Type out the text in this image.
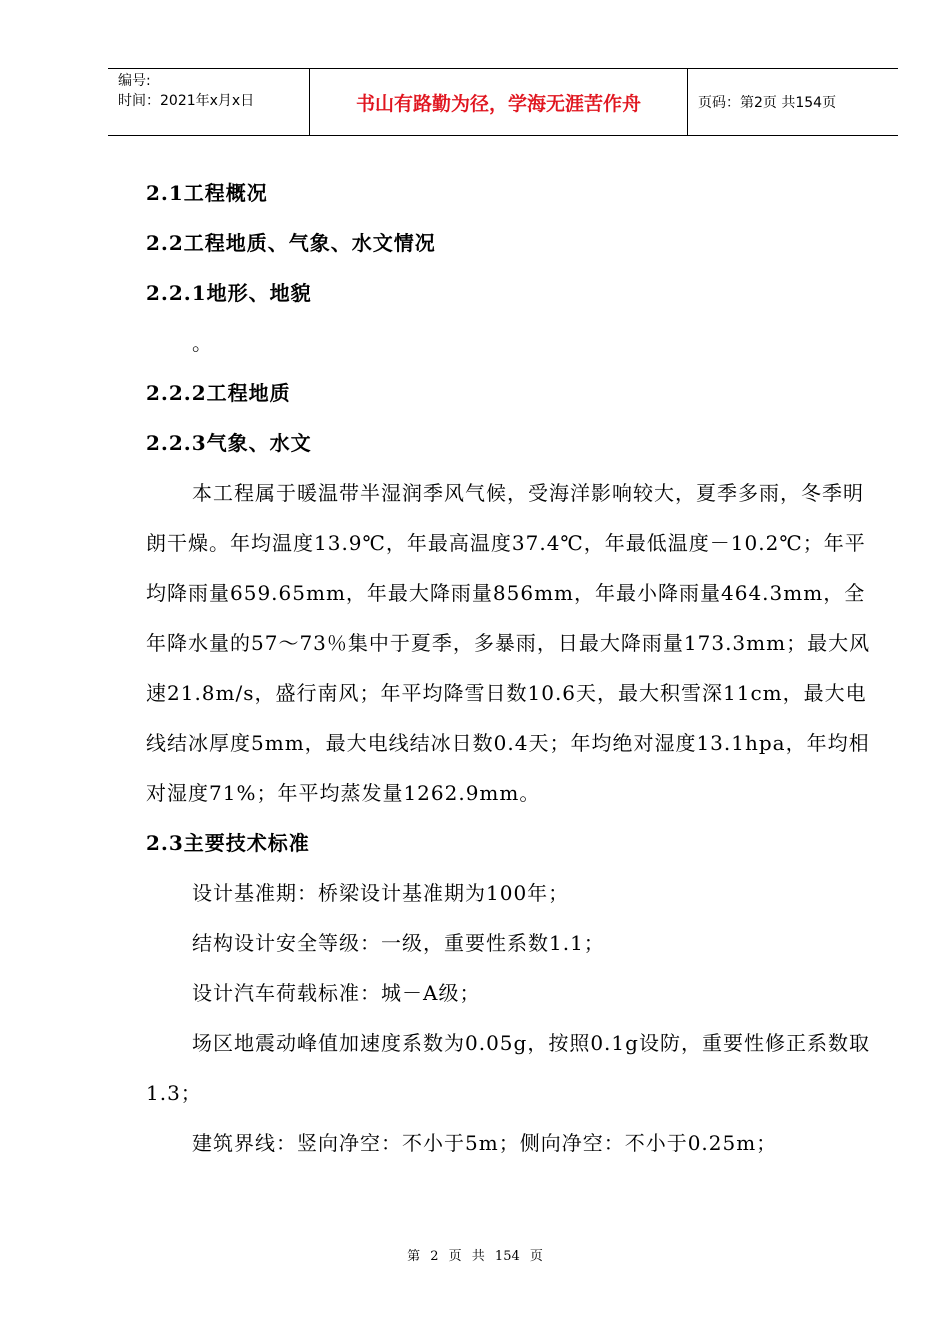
编号:
时间：2021年x月x日	书山有路勤为径，学海无涯苦作舟	页码：第2页 共154页

2.1工程概况

2.2工程地质、气象、水文情况

2.2.1地形、地貌

。

2.2.2工程地质

2.2.3气象、水文

本工程属于暖温带半湿润季风气候，受海洋影响较大，夏季多雨，冬季明朗干燥。年均温度13.9℃，年最高温度37.4℃，年最低温度－10.2℃；年平均降雨量659.65mm，年最大降雨量856mm，年最小降雨量464.3mm，全年降水量的57～73％集中于夏季，多暴雨，日最大降雨量173.3mm；最大风速21.8m/s，盛行南风；年平均降雪日数10.6天，最大积雪深11cm，最大电线结冰厚度5mm，最大电线结冰日数0.4天；年均绝对湿度13.1hpa，年均相对湿度71%；年平均蒸发量1262.9mm。

2.3主要技术标准

设计基准期：桥梁设计基准期为100年；

结构设计安全等级：一级，重要性系数1.1；

设计汽车荷载标准：城－A级；

场区地震动峰值加速度系数为0.05g，按照0.1g设防，重要性修正系数取1.3；

建筑界线：竖向净空：不小于5m；侧向净空：不小于0.25m；

第 2 页 共 154 页
